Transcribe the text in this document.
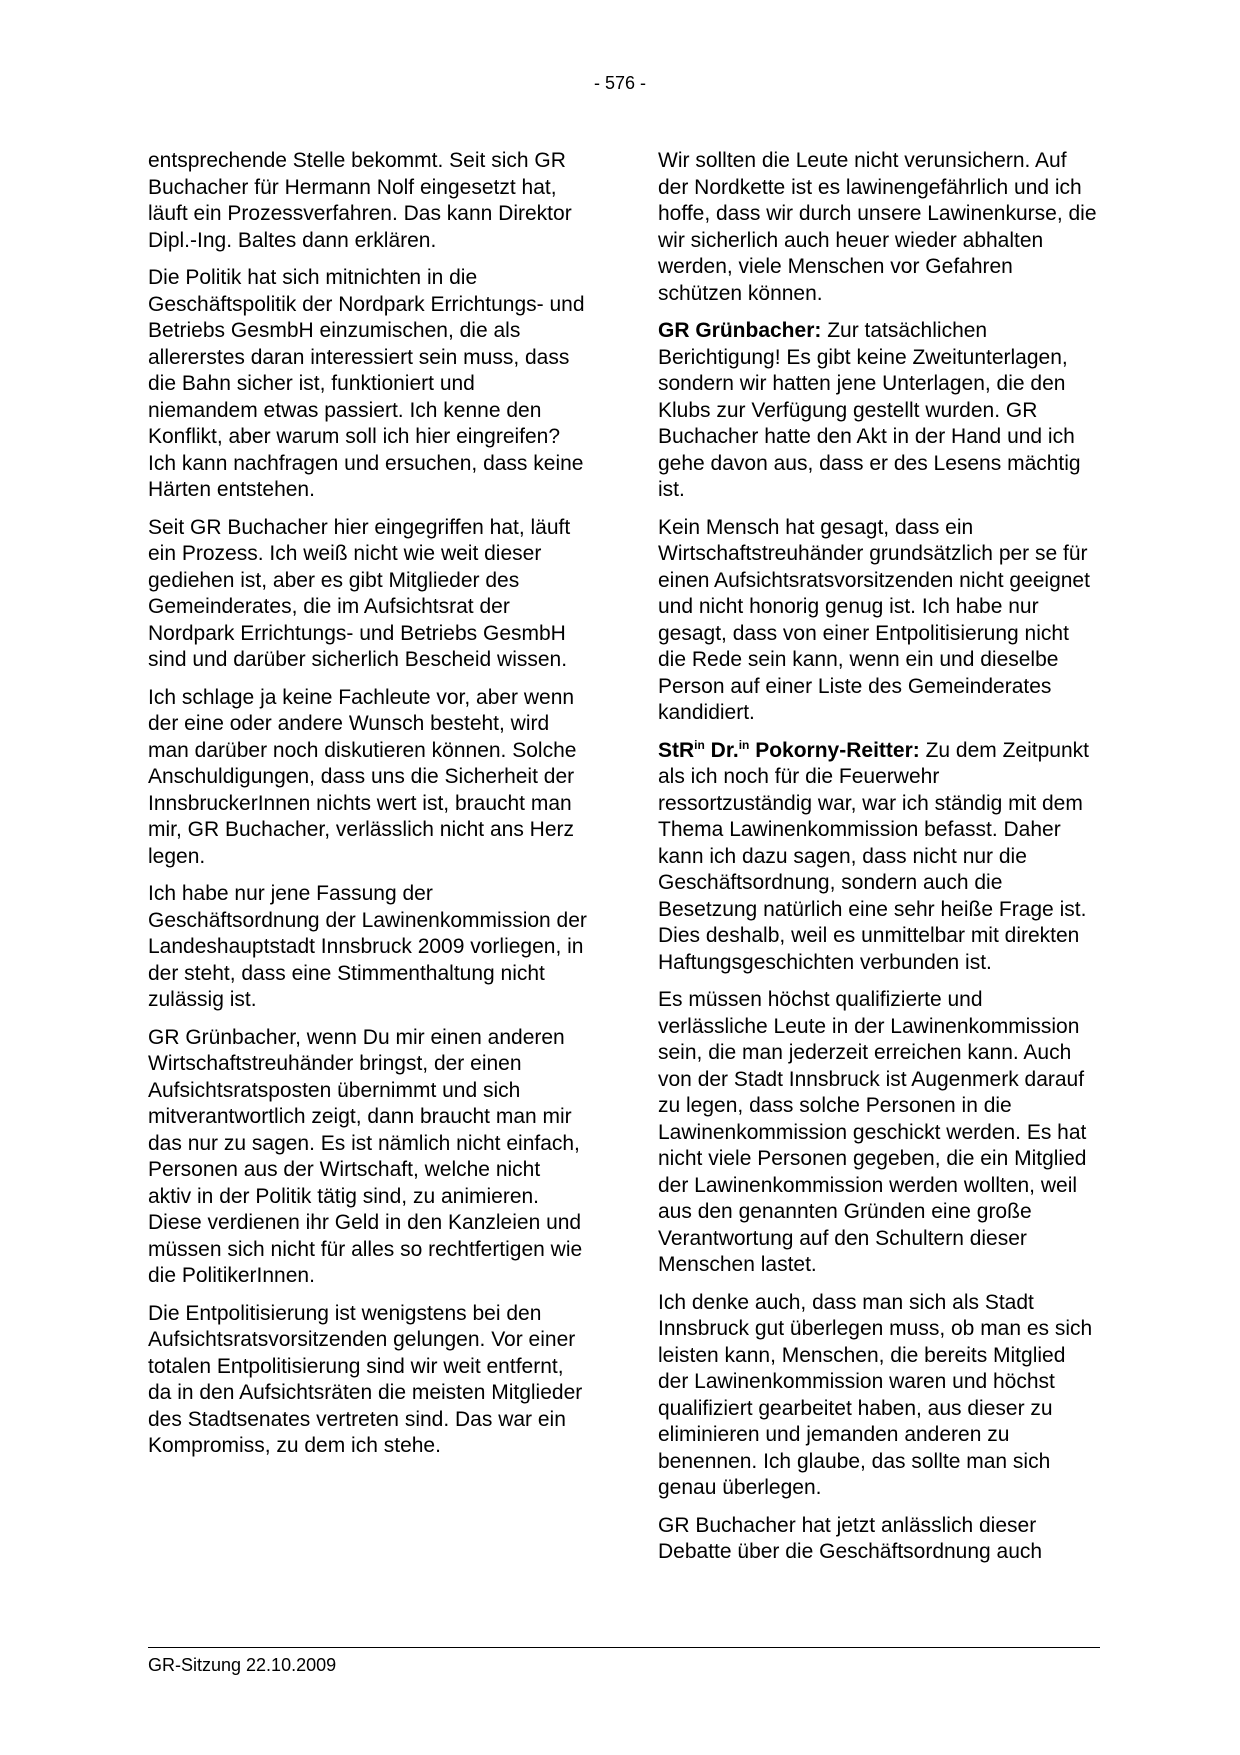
- 576 -

entsprechende Stelle bekommt. Seit sich GR Buchacher für Hermann Nolf eingesetzt hat, läuft ein Prozessverfahren. Das kann Direktor Dipl.-Ing. Baltes dann erklären.

Die Politik hat sich mitnichten in die Geschäftspolitik der Nordpark Errichtungs- und Betriebs GesmbH einzumischen, die als allererstes daran interessiert sein muss, dass die Bahn sicher ist, funktioniert und niemandem etwas passiert. Ich kenne den Konflikt, aber warum soll ich hier eingreifen? Ich kann nachfragen und ersuchen, dass keine Härten entstehen.

Seit GR Buchacher hier eingegriffen hat, läuft ein Prozess. Ich weiß nicht wie weit dieser gediehen ist, aber es gibt Mitglieder des Gemeinderates, die im Aufsichtsrat der Nordpark Errichtungs- und Betriebs GesmbH sind und darüber sicherlich Bescheid wissen.

Ich schlage ja keine Fachleute vor, aber wenn der eine oder andere Wunsch besteht, wird man darüber noch diskutieren können. Solche Anschuldigungen, dass uns die Sicherheit der InnsbruckerInnen nichts wert ist, braucht man mir, GR Buchacher, verlässlich nicht ans Herz legen.

Ich habe nur jene Fassung der Geschäftsordnung der Lawinenkommission der Landeshauptstadt Innsbruck 2009 vorliegen, in der steht, dass eine Stimmenthaltung nicht zulässig ist.

GR Grünbacher, wenn Du mir einen anderen Wirtschaftstreuhänder bringst, der einen Aufsichtsratsposten übernimmt und sich mitverantwortlich zeigt, dann braucht man mir das nur zu sagen. Es ist nämlich nicht einfach, Personen aus der Wirtschaft, welche nicht aktiv in der Politik tätig sind, zu animieren. Diese verdienen ihr Geld in den Kanzleien und müssen sich nicht für alles so rechtfertigen wie die PolitikerInnen.

Die Entpolitisierung ist wenigstens bei den Aufsichtsratsvorsitzenden gelungen. Vor einer totalen Entpolitisierung sind wir weit entfernt, da in den Aufsichtsräten die meisten Mitglieder des Stadtsenates vertreten sind. Das war ein Kompromiss, zu dem ich stehe.

Wir sollten die Leute nicht verunsichern. Auf der Nordkette ist es lawinengefährlich und ich hoffe, dass wir durch unsere Lawinenkurse, die wir sicherlich auch heuer wieder abhalten werden, viele Menschen vor Gefahren schützen können.

GR Grünbacher: Zur tatsächlichen Berichtigung! Es gibt keine Zweitunterlagen, sondern wir hatten jene Unterlagen, die den Klubs zur Verfügung gestellt wurden. GR Buchacher hatte den Akt in der Hand und ich gehe davon aus, dass er des Lesens mächtig ist.

Kein Mensch hat gesagt, dass ein Wirtschaftstreuhänder grundsätzlich per se für einen Aufsichtsratsvorsitzenden nicht geeignet und nicht honorig genug ist. Ich habe nur gesagt, dass von einer Entpolitisierung nicht die Rede sein kann, wenn ein und dieselbe Person auf einer Liste des Gemeinderates kandidiert.

StR$^{in}$ Dr.$^{in}$ Pokorny-Reitter: Zu dem Zeitpunkt als ich noch für die Feuerwehr ressortzuständig war, war ich ständig mit dem Thema Lawinenkommission befasst. Daher kann ich dazu sagen, dass nicht nur die Geschäftsordnung, sondern auch die Besetzung natürlich eine sehr heiße Frage ist. Dies deshalb, weil es unmittelbar mit direkten Haftungsgeschichten verbunden ist.

Es müssen höchst qualifizierte und verlässliche Leute in der Lawinenkommission sein, die man jederzeit erreichen kann. Auch von der Stadt Innsbruck ist Augenmerk darauf zu legen, dass solche Personen in die Lawinenkommission geschickt werden. Es hat nicht viele Personen gegeben, die ein Mitglied der Lawinenkommission werden wollten, weil aus den genannten Gründen eine große Verantwortung auf den Schultern dieser Menschen lastet.

Ich denke auch, dass man sich als Stadt Innsbruck gut überlegen muss, ob man es sich leisten kann, Menschen, die bereits Mitglied der Lawinenkommission waren und höchst qualifiziert gearbeitet haben, aus dieser zu eliminieren und jemanden anderen zu benennen. Ich glaube, das sollte man sich genau überlegen.

GR Buchacher hat jetzt anlässlich dieser Debatte über die Geschäftsordnung auch

GR-Sitzung 22.10.2009
